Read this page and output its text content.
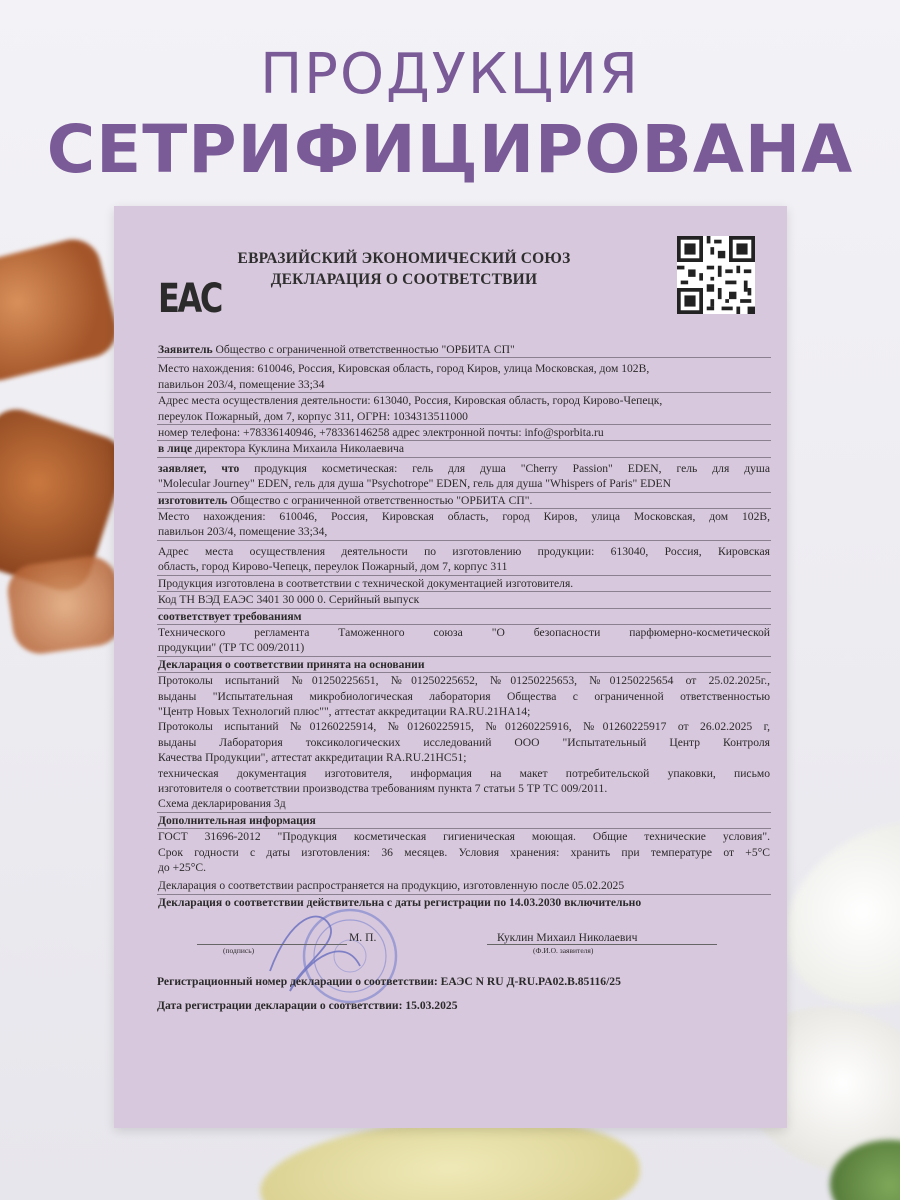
ПРОДУКЦИЯ
СЕТРИФИЦИРОВАНА
ЕВРАЗИЙСКИЙ ЭКОНОМИЧЕСКИЙ СОЮЗ
ДЕКЛАРАЦИЯ О СООТВЕТСТВИИ
EAC
Заявитель Общество с ограниченной ответственностью "ОРБИТА СП"
Место нахождения: 610046, Россия, Кировская область, город Киров, улица Московская, дом 102В,
павильон 203/4, помещение 33;34
Адрес места осуществления деятельности: 613040, Россия, Кировская область, город Кирово-Чепецк,
переулок Пожарный, дом 7, корпус 311, ОГРН: 1034313511000
номер телефона: +78336140946, +78336146258 адрес электронной почты: info@sporbita.ru
в лице директора Куклина Михаила Николаевича
заявляет, что продукция косметическая: гель для душа "Cherry Passion" EDEN, гель для душа
"Molecular Journey" EDEN, гель для душа "Psychotrope" EDEN, гель для душа "Whispers of Paris" EDEN
изготовитель Общество с ограниченной ответственностью "ОРБИТА СП".
Место нахождения: 610046, Россия, Кировская область, город Киров, улица Московская, дом 102В,
павильон 203/4, помещение 33;34,
Адрес места осуществления деятельности по изготовлению продукции: 613040, Россия, Кировская
область, город Кирово-Чепецк, переулок Пожарный, дом 7, корпус 311
Продукция изготовлена в соответствии с технической документацией изготовителя.
Код ТН ВЭД ЕАЭС 3401 30 000 0. Серийный выпуск
соответствует требованиям
Технического регламента Таможенного союза "О безопасности парфюмерно-косметической
продукции" (ТР ТС 009/2011)
Декларация о соответствии принята на основании
Протоколы испытаний №01250225651, №01250225652, №01250225653, №01250225654 от 25.02.2025г.,
выданы "Испытательная микробиологическая лаборатория Общества с ограниченной ответственностью
"Центр Новых Технологий плюс"", аттестат аккредитации RA.RU.21НА14;
Протоколы испытаний №01260225914, №01260225915, №01260225916, №01260225917 от 26.02.2025 г,
выданы Лаборатория токсикологических исследований ООО "Испытательный Центр Контроля
Качества Продукции", аттестат аккредитации RA.RU.21НС51;
техническая документация изготовителя, информация на макет потребительской упаковки, письмо
изготовителя о соответствии производства требованиям пункта 7 статьи 5 ТР ТС 009/2011.
Схема декларирования 3д
Дополнительная информация
ГОСТ 31696-2012 "Продукция косметическая гигиеническая моющая. Общие технические условия".
Срок годности с даты изготовления: 36 месяцев. Условия хранения: хранить при температуре от +5°С
до +25°С.
Декларация о соответствии распространяется на продукцию, изготовленную после 05.02.2025
Декларация о соответствии действительна с даты регистрации по 14.03.2030 включительно
(подпись)
М. П.	Куклин Михаил Николаевич
(Ф.И.О. заявителя)
Регистрационный номер декларации о соответствии: ЕАЭС N RU Д-RU.PA02.B.85116/25
Дата регистрации декларации о соответствии: 15.03.2025
